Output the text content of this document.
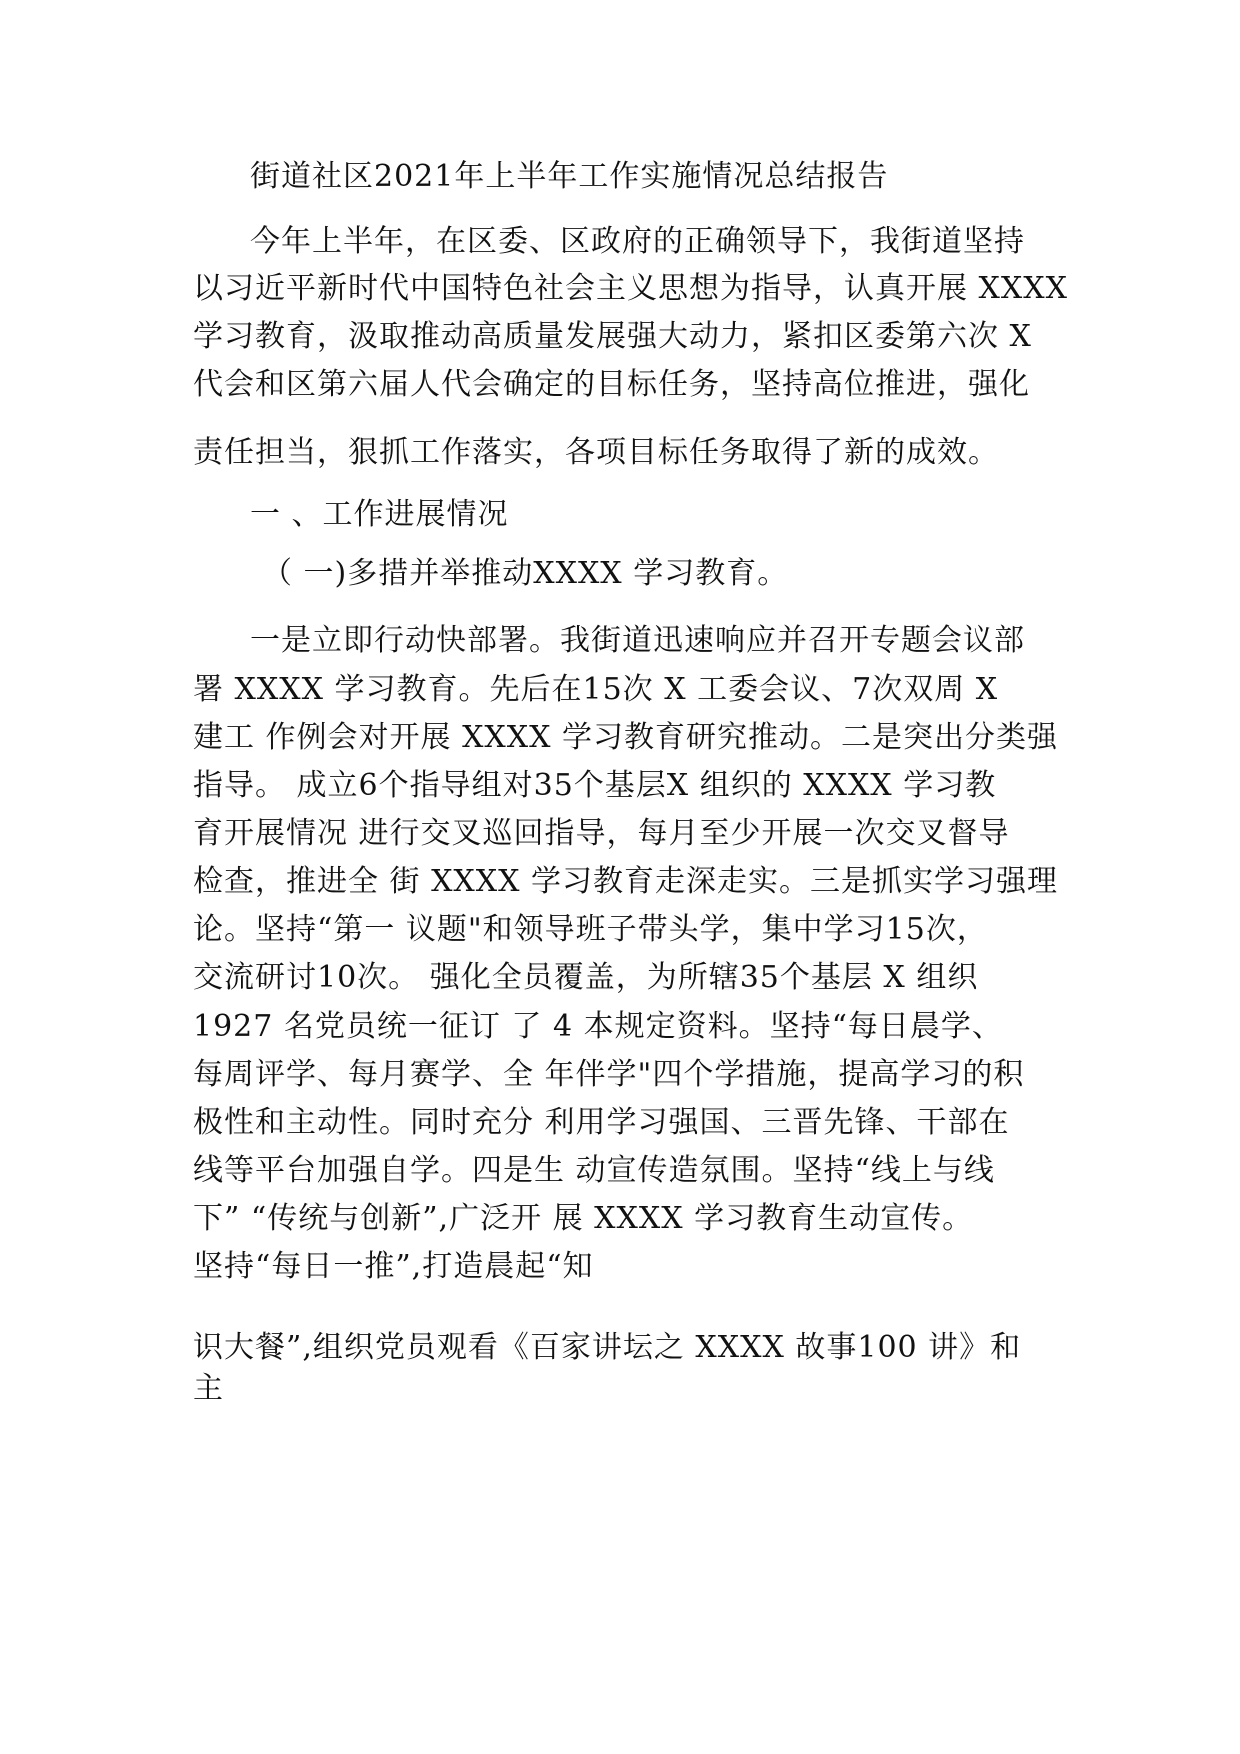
街道社区2021年上半年工作实施情况总结报告
今年上半年，在区委、区政府的正确领导下，我街道坚持
以习近平新时代中国特色社会主义思想为指导，认真开展 XXXX
学习教育，汲取推动高质量发展强大动力，紧扣区委第六次 X
代会和区第六届人代会确定的目标任务，坚持高位推进，强化
责任担当，狠抓工作落实，各项目标任务取得了新的成效。
一 、工作进展情况
（ 一)多措并举推动XXXX 学习教育。
一是立即行动快部署。我街道迅速响应并召开专题会议部
署 XXXX 学习教育。先后在15次 X 工委会议、7次双周 X
建工 作例会对开展 XXXX 学习教育研究推动。二是突出分类强
指导。 成立6个指导组对35个基层X 组织的 XXXX 学习教
育开展情况 进行交叉巡回指导，每月至少开展一次交叉督导
检查，推进全 街 XXXX 学习教育走深走实。三是抓实学习强理
论。坚持“第一 议题"和领导班子带头学，集中学习15次，
交流研讨10次。 强化全员覆盖，为所辖35个基层 X 组织
1927 名党员统一征订 了 4 本规定资料。坚持“每日晨学、
每周评学、每月赛学、全 年伴学"四个学措施，提高学习的积
极性和主动性。同时充分 利用学习强国、三晋先锋、干部在
线等平台加强自学。四是生 动宣传造氛围。坚持“线上与线
下” “传统与创新”,广泛开 展 XXXX 学习教育生动宣传。
坚持“每日一推”,打造晨起“知
识大餐”,组织党员观看《百家讲坛之 XXXX 故事100 讲》和
主
